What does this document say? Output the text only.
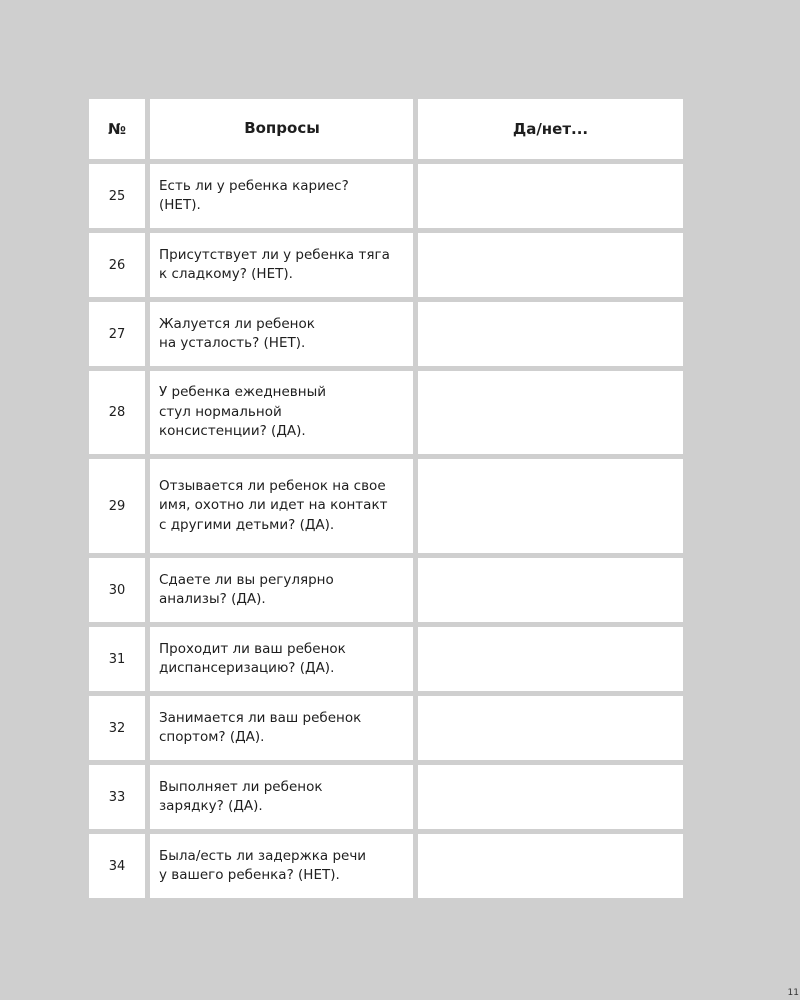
№	Вопросы	Да/нет...
25
Есть ли у ребенка кариес?
(НЕТ).
26
Присутствует ли у ребенка тяга
к сладкому? (НЕТ).
27
Жалуется ли ребенок
на усталость? (НЕТ).
28
У ребенка ежедневный
стул нормальной
консистенции? (ДА).
29
Отзывается ли ребенок на свое
имя, охотно ли идет на контакт
с другими детьми? (ДА).
30
Сдаете ли вы регулярно
анализы? (ДА).
31
Проходит ли ваш ребенок
диспансеризацию? (ДА).
32
Занимается ли ваш ребенок
спортом? (ДА).
33
Выполняет ли ребенок
зарядку? (ДА).
34
Была/есть ли задержка речи
у вашего ребенка? (НЕТ).
11
